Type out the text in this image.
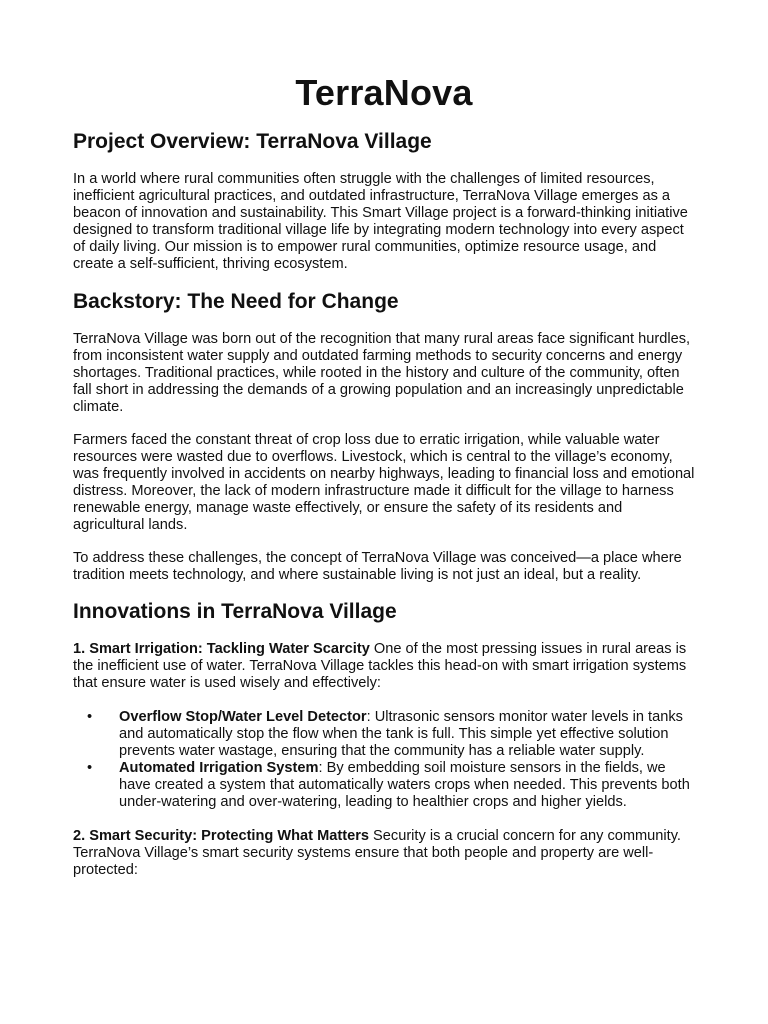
TerraNova
Project Overview: TerraNova Village

In a world where rural communities often struggle with the challenges of limited resources, inefficient agricultural practices, and outdated infrastructure, TerraNova Village emerges as a beacon of innovation and sustainability. This Smart Village project is a forward-thinking initiative designed to transform traditional village life by integrating modern technology into every aspect of daily living. Our mission is to empower rural communities, optimize resource usage, and create a self-sufficient, thriving ecosystem.

Backstory: The Need for Change

TerraNova Village was born out of the recognition that many rural areas face significant hurdles, from inconsistent water supply and outdated farming methods to security concerns and energy shortages. Traditional practices, while rooted in the history and culture of the community, often fall short in addressing the demands of a growing population and an increasingly unpredictable climate.

Farmers faced the constant threat of crop loss due to erratic irrigation, while valuable water resources were wasted due to overflows. Livestock, which is central to the village’s economy, was frequently involved in accidents on nearby highways, leading to financial loss and emotional distress. Moreover, the lack of modern infrastructure made it difficult for the village to harness renewable energy, manage waste effectively, or ensure the safety of its residents and agricultural lands.

To address these challenges, the concept of TerraNova Village was conceived—a place where tradition meets technology, and where sustainable living is not just an ideal, but a reality.

Innovations in TerraNova Village

1. Smart Irrigation: Tackling Water Scarcity One of the most pressing issues in rural areas is the inefficient use of water. TerraNova Village tackles this head-on with smart irrigation systems that ensure water is used wisely and effectively:

• Overflow Stop/Water Level Detector: Ultrasonic sensors monitor water levels in tanks and automatically stop the flow when the tank is full. This simple yet effective solution prevents water wastage, ensuring that the community has a reliable water supply.
• Automated Irrigation System: By embedding soil moisture sensors in the fields, we have created a system that automatically waters crops when needed. This prevents both under-watering and over-watering, leading to healthier crops and higher yields.

2. Smart Security: Protecting What Matters Security is a crucial concern for any community. TerraNova Village’s smart security systems ensure that both people and property are well-protected:
